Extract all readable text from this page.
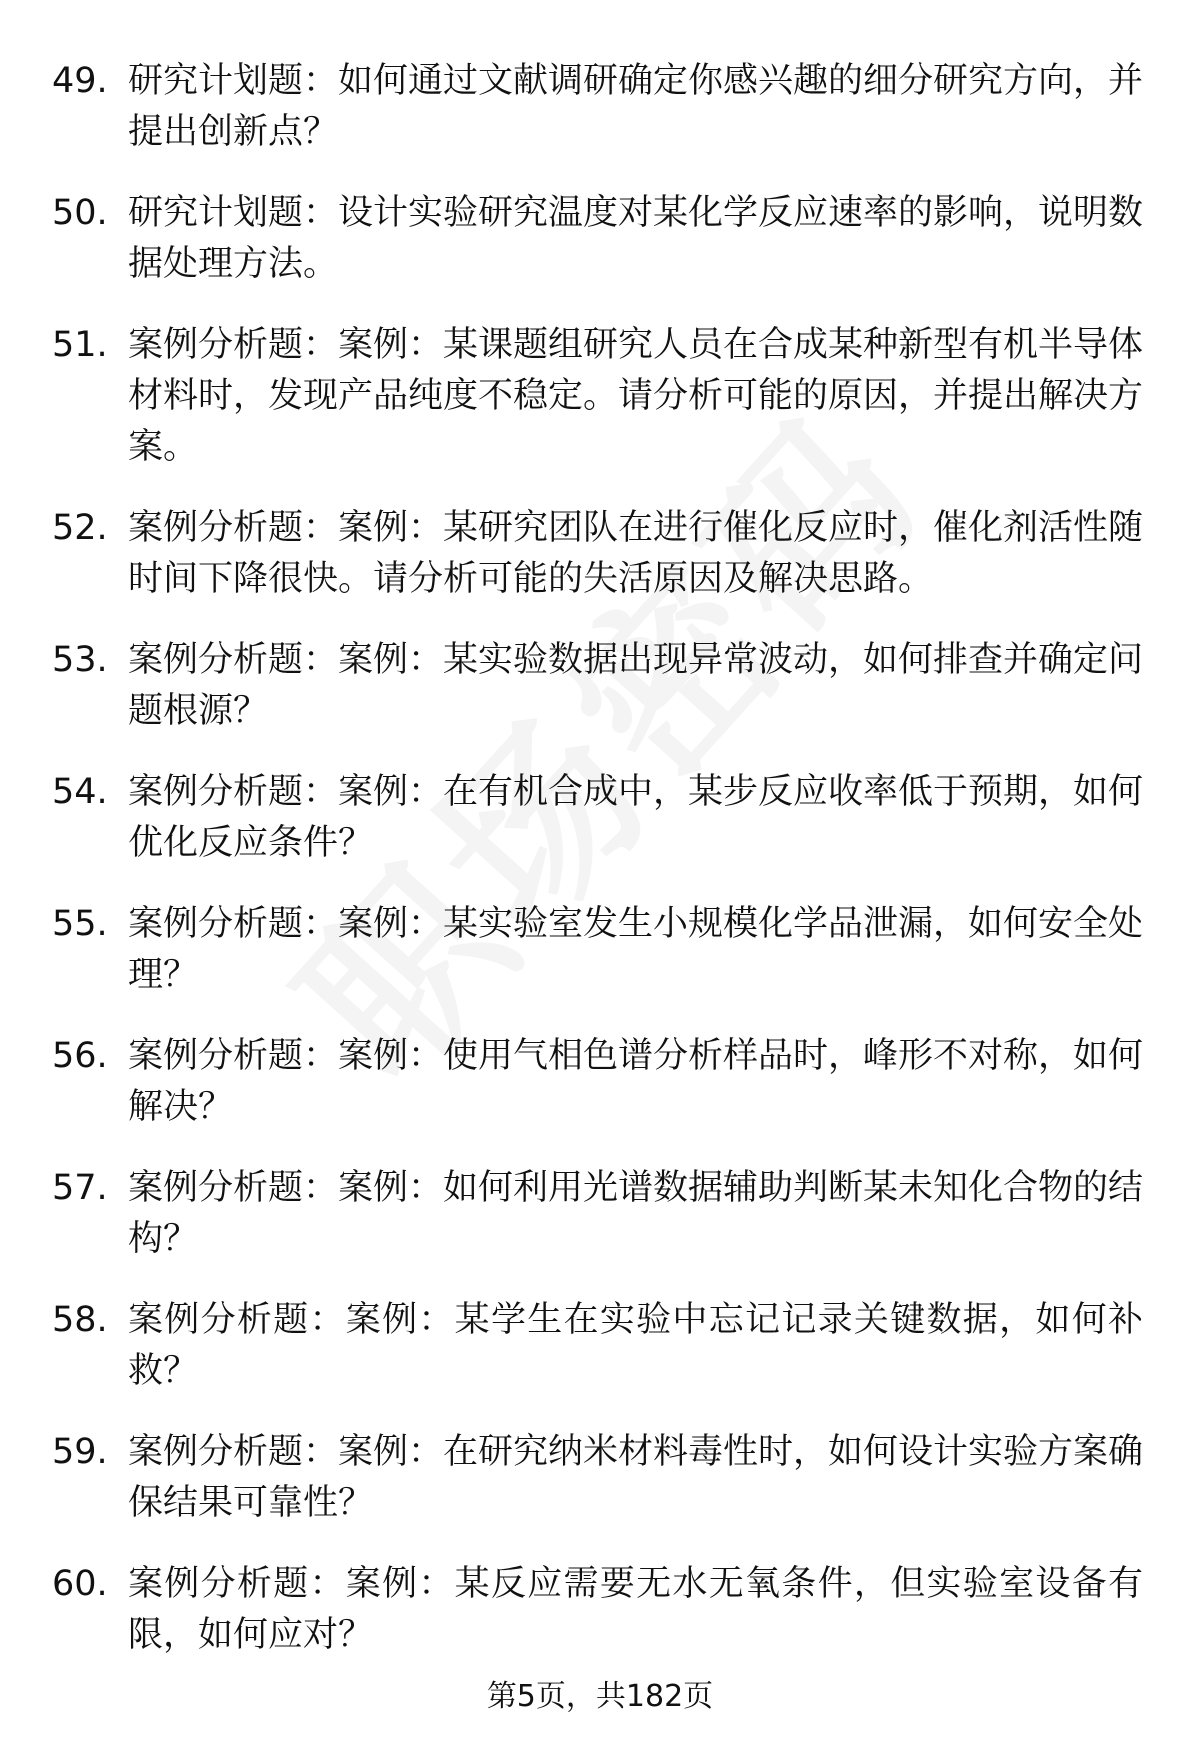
49. 研究计划题：如何通过文献调研确定你感兴趣的细分研究方向，并提出创新点？
50. 研究计划题：设计实验研究温度对某化学反应速率的影响，说明数据处理方法。
51. 案例分析题：案例：某课题组研究人员在合成某种新型有机半导体材料时，发现产品纯度不稳定。请分析可能的原因，并提出解决方案。
52. 案例分析题：案例：某研究团队在进行催化反应时，催化剂活性随时间下降很快。请分析可能的失活原因及解决思路。
53. 案例分析题：案例：某实验数据出现异常波动，如何排查并确定问题根源？
54. 案例分析题：案例：在有机合成中，某步反应收率低于预期，如何优化反应条件？
55. 案例分析题：案例：某实验室发生小规模化学品泄漏，如何安全处理？
56. 案例分析题：案例：使用气相色谱分析样品时，峰形不对称，如何解决？
57. 案例分析题：案例：如何利用光谱数据辅助判断某未知化合物的结构？
58. 案例分析题：案例：某学生在实验中忘记记录关键数据，如何补救？
59. 案例分析题：案例：在研究纳米材料毒性时，如何设计实验方案确保结果可靠性？
60. 案例分析题：案例：某反应需要无水无氧条件，但实验室设备有限，如何应对？
第5页，共182页
